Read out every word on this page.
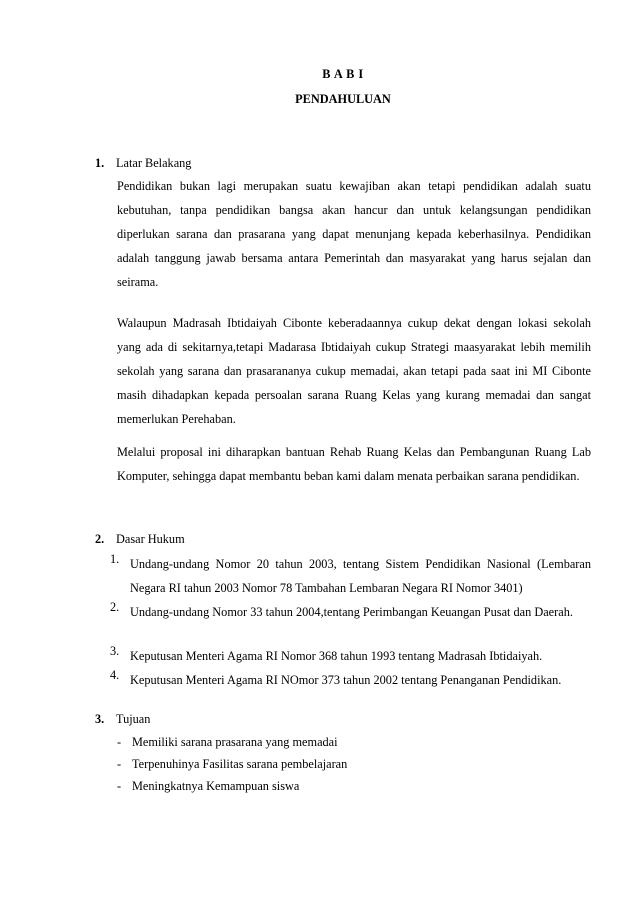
B A B I
PENDAHULUAN
1. Latar Belakang
Pendidikan bukan lagi merupakan suatu kewajiban akan tetapi pendidikan adalah suatu kebutuhan, tanpa pendidikan bangsa akan hancur dan untuk kelangsungan pendidikan diperlukan sarana dan prasarana yang dapat menunjang kepada keberhasilnya. Pendidikan adalah tanggung jawab bersama antara Pemerintah dan masyarakat yang harus sejalan dan seirama.
Walaupun Madrasah Ibtidaiyah Cibonte keberadaannya cukup dekat dengan lokasi sekolah yang ada di sekitarnya,tetapi Madarasa Ibtidaiyah cukup Strategi maasyarakat lebih memilih sekolah yang sarana dan prasarananya cukup memadai, akan tetapi pada saat ini MI Cibonte masih dihadapkan kepada persoalan sarana Ruang Kelas yang kurang memadai dan sangat memerlukan Perehaban.
Melalui proposal ini diharapkan bantuan Rehab Ruang Kelas dan Pembangunan Ruang Lab Komputer, sehingga dapat membantu beban kami dalam menata perbaikan sarana pendidikan.
2. Dasar Hukum
1. Undang-undang Nomor 20 tahun 2003, tentang Sistem Pendidikan Nasional (Lembaran Negara RI tahun 2003 Nomor 78 Tambahan Lembaran Negara RI Nomor 3401)
2. Undang-undang Nomor 33 tahun 2004,tentang Perimbangan Keuangan Pusat dan Daerah.
3. Keputusan Menteri Agama RI Nomor 368 tahun 1993 tentang Madrasah Ibtidaiyah.
4. Keputusan Menteri Agama RI NOmor 373 tahun 2002 tentang Penanganan Pendidikan.
3. Tujuan
- Memiliki sarana prasarana yang memadai
- Terpenuhinya Fasilitas sarana pembelajaran
- Meningkatnya Kemampuan siswa
